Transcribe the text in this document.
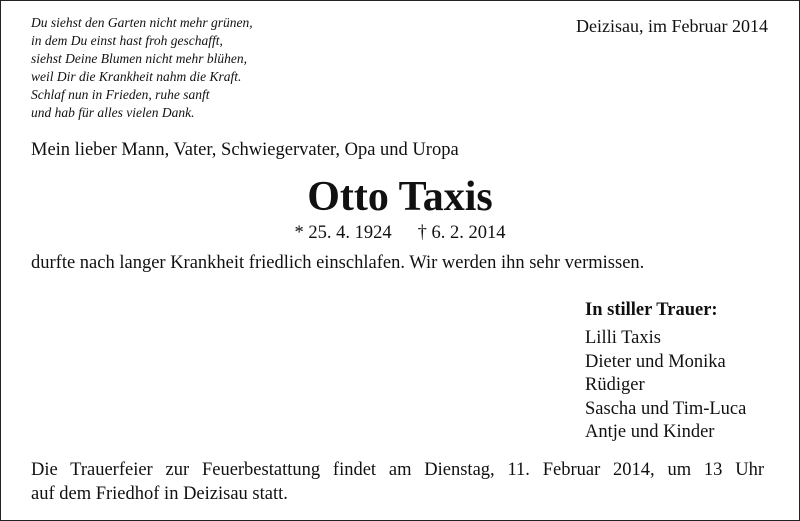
Du siehst den Garten nicht mehr grünen,
in dem Du einst hast froh geschafft,
siehst Deine Blumen nicht mehr blühen,
weil Dir die Krankheit nahm die Kraft.
Schlaf nun in Frieden, ruhe sanft
und hab für alles vielen Dank.
Deizisau, im Februar 2014
Mein lieber Mann, Vater, Schwiegervater, Opa und Uropa
Otto Taxis
* 25. 4. 1924 † 6. 2. 2014
durfte nach langer Krankheit friedlich einschlafen. Wir werden ihn sehr vermissen.
In stiller Trauer:
Lilli Taxis
Dieter und Monika
Rüdiger
Sascha und Tim-Luca
Antje und Kinder
Die Trauerfeier zur Feuerbestattung findet am Dienstag, 11. Februar 2014, um 13 Uhr
auf dem Friedhof in Deizisau statt.
